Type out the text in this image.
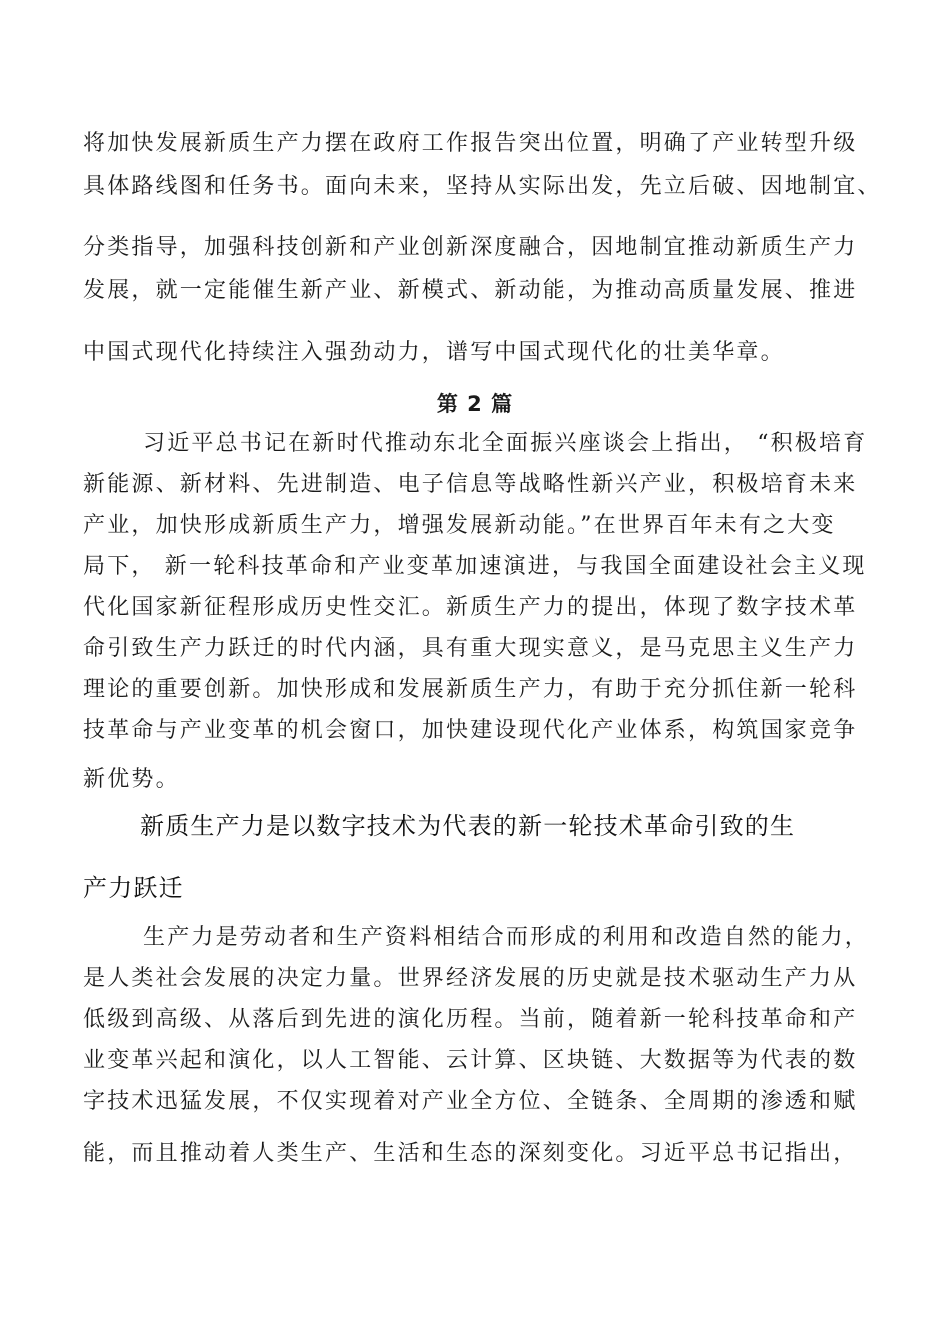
将加快发展新质生产力摆在政府工作报告突出位置，明确了产业转型升级
具体路线图和任务书。面向未来，坚持从实际出发，先立后破、因地制宜、
分类指导，加强科技创新和产业创新深度融合，因地制宜推动新质生产力
发展，就一定能催生新产业、新模式、新动能，为推动高质量发展、推进
中国式现代化持续注入强劲动力，谱写中国式现代化的壮美华章。
第 2 篇
习近平总书记在新时代推动东北全面振兴座谈会上指出， “积极培育
新能源、新材料、先进制造、电子信息等战略性新兴产业，积极培育未来
产业，加快形成新质生产力，增强发展新动能。”在世界百年未有之大变
局下， 新一轮科技革命和产业变革加速演进，与我国全面建设社会主义现
代化国家新征程形成历史性交汇。新质生产力的提出，体现了数字技术革
命引致生产力跃迁的时代内涵，具有重大现实意义，是马克思主义生产力
理论的重要创新。加快形成和发展新质生产力，有助于充分抓住新一轮科
技革命与产业变革的机会窗口，加快建设现代化产业体系，构筑国家竞争
新优势。
新质生产力是以数字技术为代表的新一轮技术革命引致的生
产力跃迁
生产力是劳动者和生产资料相结合而形成的利用和改造自然的能力，
是人类社会发展的决定力量。世界经济发展的历史就是技术驱动生产力从
低级到高级、从落后到先进的演化历程。当前，随着新一轮科技革命和产
业变革兴起和演化，以人工智能、云计算、区块链、大数据等为代表的数
字技术迅猛发展，不仅实现着对产业全方位、全链条、全周期的渗透和赋
能，而且推动着人类生产、生活和生态的深刻变化。习近平总书记指出，
